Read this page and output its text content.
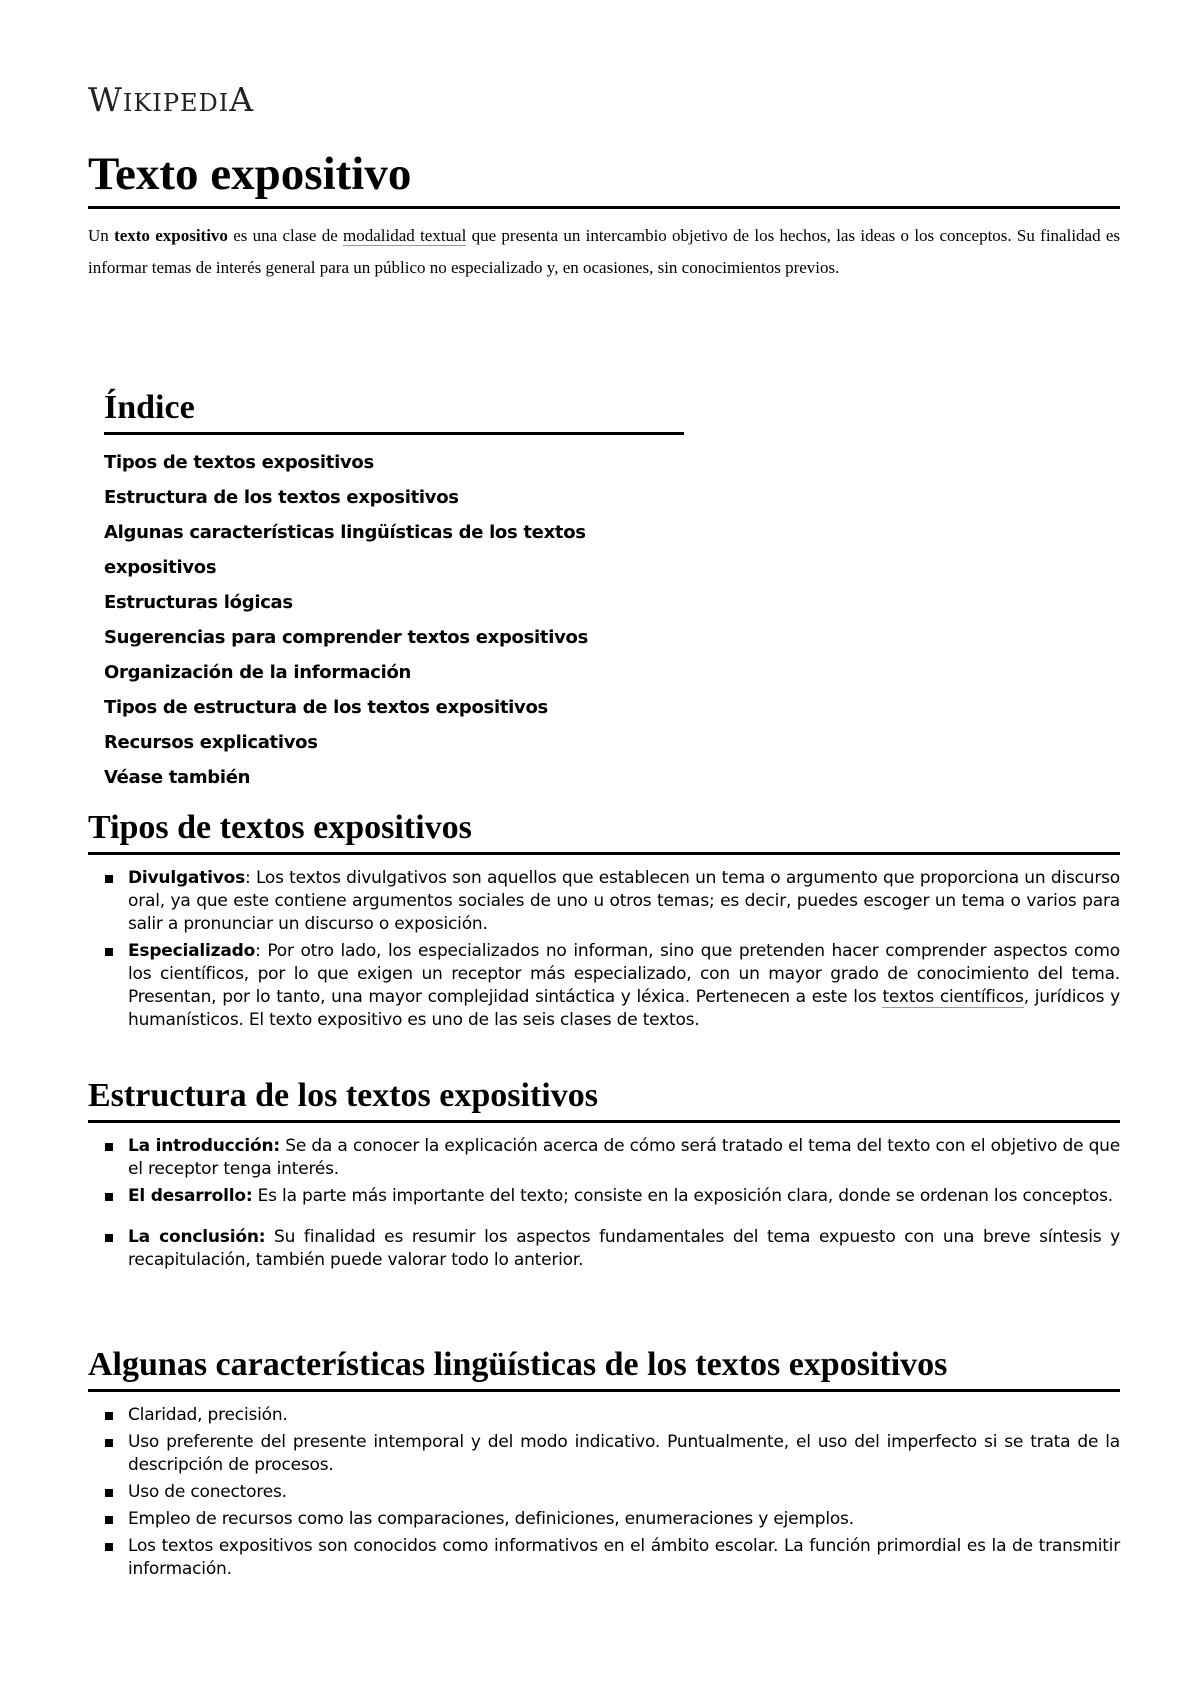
WIKIPEDIA
Texto expositivo

Un texto expositivo es una clase de modalidad textual que presenta un intercambio objetivo de los hechos, las ideas o los conceptos. Su finalidad es informar temas de interés general para un público no especializado y, en ocasiones, sin conocimientos previos.

Índice
Tipos de textos expositivos
Estructura de los textos expositivos
Algunas características lingüísticas de los textos expositivos
Estructuras lógicas
Sugerencias para comprender textos expositivos
Organización de la información
Tipos de estructura de los textos expositivos
Recursos explicativos
Véase también
Tipos de textos expositivos
Divulgativos: Los textos divulgativos son aquellos que establecen un tema o argumento que proporciona un discurso oral, ya que este contiene argumentos sociales de uno u otros temas; es decir, puedes escoger un tema o varios para salir a pronunciar un discurso o exposición.
Especializado: Por otro lado, los especializados no informan, sino que pretenden hacer comprender aspectos como los científicos, por lo que exigen un receptor más especializado, con un mayor grado de conocimiento del tema. Presentan, por lo tanto, una mayor complejidad sintáctica y léxica. Pertenecen a este los textos científicos, jurídicos y humanísticos. El texto expositivo es uno de las seis clases de textos.
Estructura de los textos expositivos
La introducción: Se da a conocer la explicación acerca de cómo será tratado el tema del texto con el objetivo de que el receptor tenga interés.
El desarrollo: Es la parte más importante del texto; consiste en la exposición clara, donde se ordenan los conceptos.
La conclusión: Su finalidad es resumir los aspectos fundamentales del tema expuesto con una breve síntesis y recapitulación, también puede valorar todo lo anterior.
Algunas características lingüísticas de los textos expositivos
Claridad, precisión.
Uso preferente del presente intemporal y del modo indicativo. Puntualmente, el uso del imperfecto si se trata de la descripción de procesos.
Uso de conectores.
Empleo de recursos como las comparaciones, definiciones, enumeraciones y ejemplos.
Los textos expositivos son conocidos como informativos en el ámbito escolar. La función primordial es la de transmitir información.
